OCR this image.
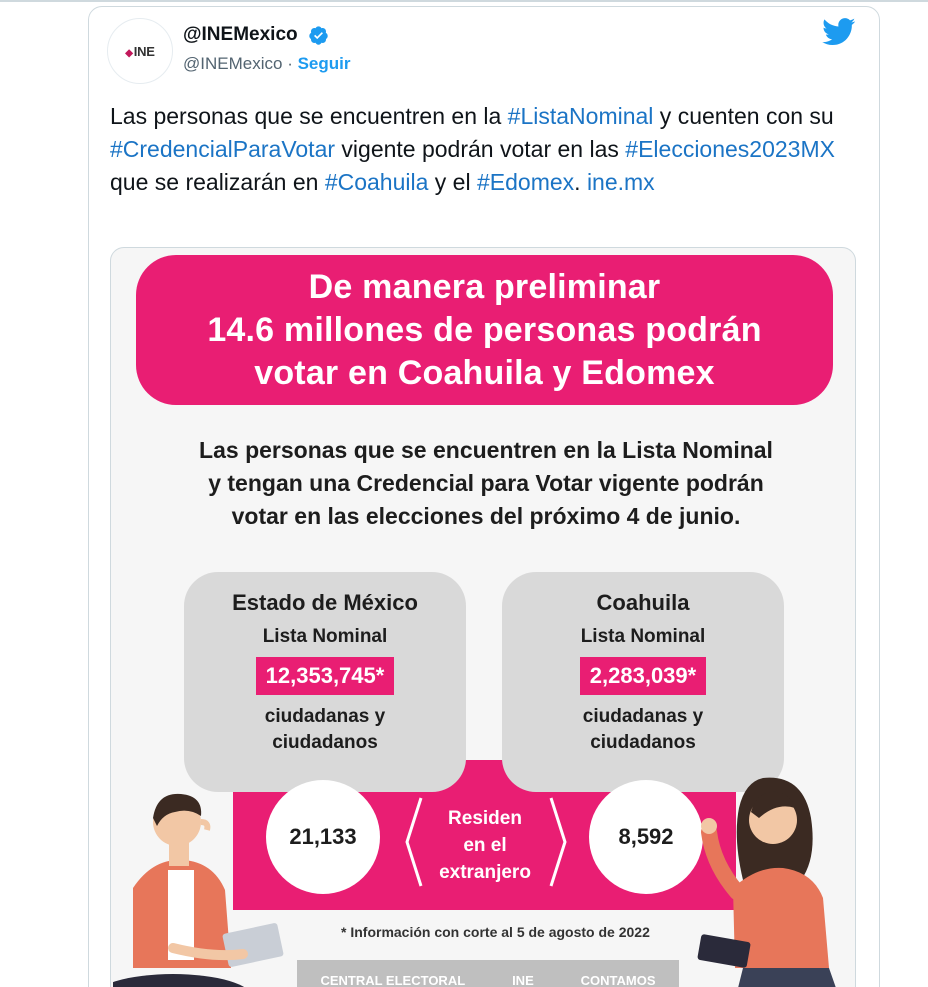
◆INE
@INEMexico
@INEMexico · Seguir
Las personas que se encuentren en la #ListaNominal y cuenten con su #CredencialParaVotar vigente podrán votar en las #Elecciones2023MX que se realizarán en #Coahuila y el #Edomex. ine.mx
De manera preliminar
14.6 millones de personas podrán
votar en Coahuila y Edomex
Las personas que se encuentren en la Lista Nominal
y tengan una Credencial para Votar vigente podrán
votar en las elecciones del próximo 4 de junio.
Estado de México
Lista Nominal
12,353,745*
ciudadanas y
ciudadanos
Coahuila
Lista Nominal
2,283,039*
ciudadanas y
ciudadanos
21,133	8,592
Residen
en el
extranjero
* Información con corte al 5 de agosto de 2022
CENTRAL ELECTORAL	INE	CONTAMOS
